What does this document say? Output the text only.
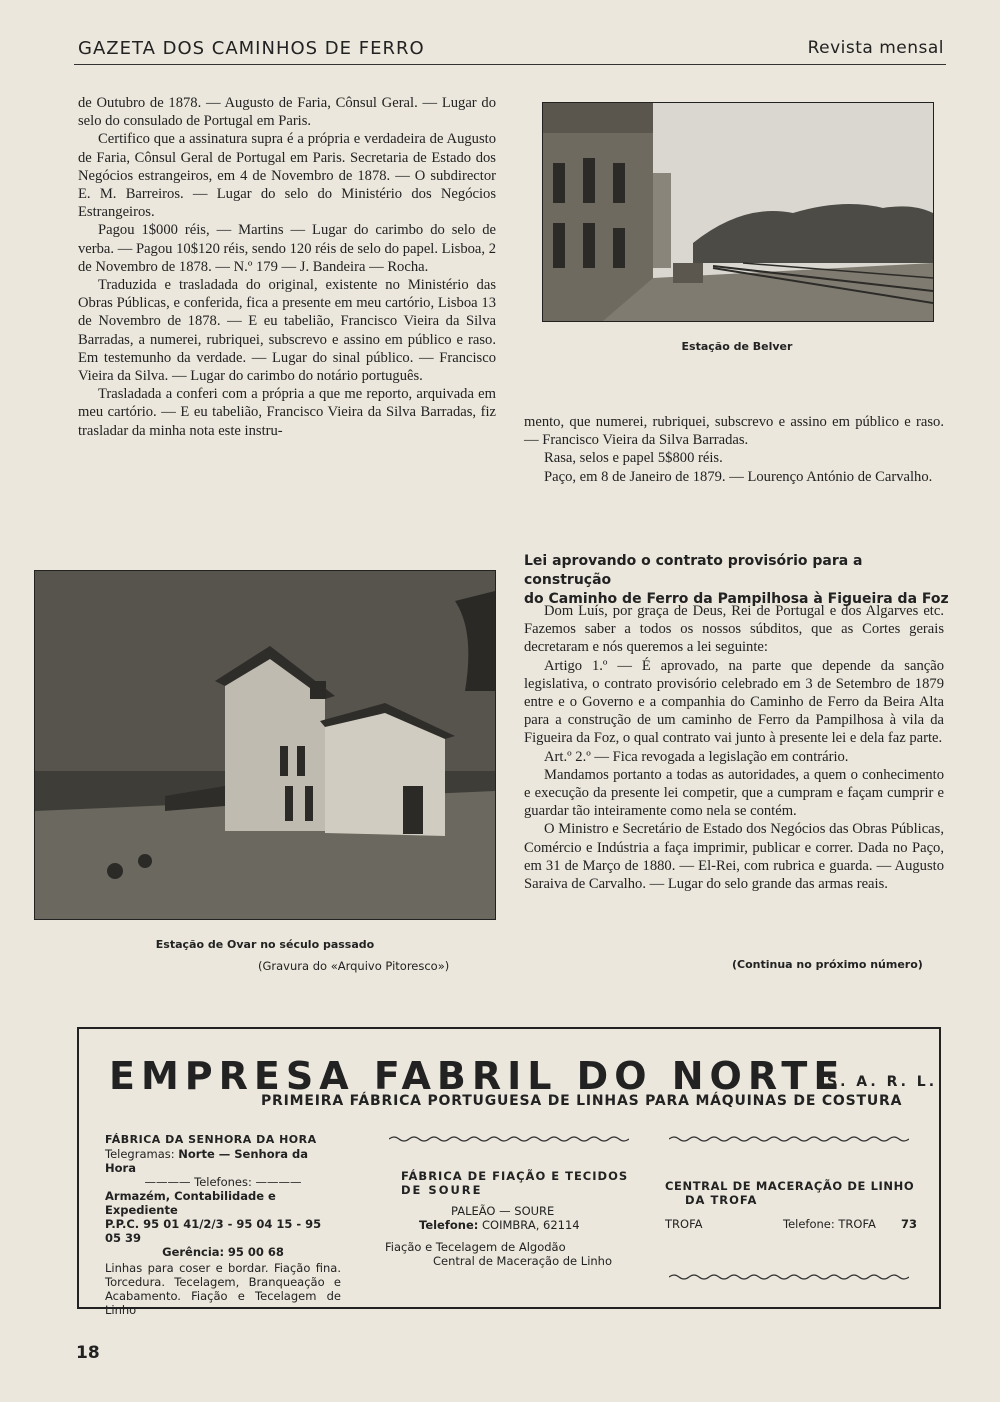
GAZETA DOS CAMINHOS DE FERRO	Revista mensal

de Outubro de 1878. — Augusto de Faria, Cônsul Geral. — Lugar do selo do consulado de Portugal em Paris.

Certifico que a assinatura supra é a própria e verdadeira de Augusto de Faria, Cônsul Geral de Portugal em Paris. Secretaria de Estado dos Negócios estrangeiros, em 4 de Novembro de 1878. — O subdirector E. M. Barreiros. — Lugar do selo do Ministério dos Negócios Estrangeiros.

Pagou 1$000 réis, — Martins — Lugar do carimbo do selo de verba. — Pagou 10$120 réis, sendo 120 réis de selo do papel. Lisboa, 2 de Novembro de 1878. — N.º 179 — J. Bandeira — Rocha.

Traduzida e trasladada do original, existente no Ministério das Obras Públicas, e conferida, fica a presente em meu cartório, Lisboa 13 de Novembro de 1878. — E eu tabelião, Francisco Vieira da Silva Barradas, a numerei, rubriquei, subscrevo e assino em público e raso. Em testemunho da verdade. — Lugar do sinal público. — Francisco Vieira da Silva. — Lugar do carimbo do notário português.

Trasladada a conferi com a própria a que me reporto, arquivada em meu cartório. — E eu tabelião, Francisco Vieira da Silva Barradas, fiz trasladar da minha nota este instru-

Estação de Belver

mento, que numerei, rubriquei, subscrevo e assino em público e raso. — Francisco Vieira da Silva Barradas.

Rasa, selos e papel 5$800 réis.

Paço, em 8 de Janeiro de 1879. — Lourenço António de Carvalho.

Lei aprovando o contrato provisório para a construção
do Caminho de Ferro da Pampilhosa à Figueira da Foz

Dom Luís, por graça de Deus, Rei de Portugal e dos Algarves etc. Fazemos saber a todos os nossos súbditos, que as Cortes gerais decretaram e nós queremos a lei seguinte:

Artigo 1.º — É aprovado, na parte que depende da sanção legislativa, o contrato provisório celebrado em 3 de Setembro de 1879 entre e o Governo e a companhia do Caminho de Ferro da Beira Alta para a construção de um caminho de Ferro da Pampilhosa à vila da Figueira da Foz, o qual contrato vai junto à presente lei e dela faz parte.

Art.º 2.º — Fica revogada a legislação em contrário.

Mandamos portanto a todas as autoridades, a quem o conhecimento e execução da presente lei competir, que a cumpram e façam cumprir e guardar tão inteiramente como nela se contém.

O Ministro e Secretário de Estado dos Negócios das Obras Públicas, Comércio e Indústria a faça imprimir, publicar e correr. Dada no Paço, em 31 de Março de 1880. — El-Rei, com rubrica e guarda. — Augusto Saraiva de Carvalho. — Lugar do selo grande das armas reais.

(Continua no próximo número)
Estação de Ovar no século passado
(Gravura do «Arquivo Pitoresco»)
EMPRESA FABRIL DO NORTE
S. A. R. L.
PRIMEIRA FÁBRICA PORTUGUESA DE LINHAS PARA MÁQUINAS DE COSTURA
FÁBRICA DA SENHORA DA HORA
Telegramas: Norte — Senhora da Hora
———— Telefones: ————
Armazém, Contabilidade e Expediente
P.P.C. 95 01 41/2/3 - 95 04 15 - 95 05 39
Gerência: 95 00 68
Linhas para coser e bordar. Fiação fina. Torcedura. Tecelagem, Branqueação e Acabamento. Fiação e Tecelagem de Linho
FÁBRICA DE FIAÇÃO E TECIDOS
DE SOURE
PALEÃO — SOURE
Telefone: COIMBRA, 62114
Fiação e Tecelagem de Algodão
Central de Maceração de Linho
CENTRAL DE MACERAÇÃO DE LINHO
DA TROFA
TROFA	Telefone: TROFA 73
18
